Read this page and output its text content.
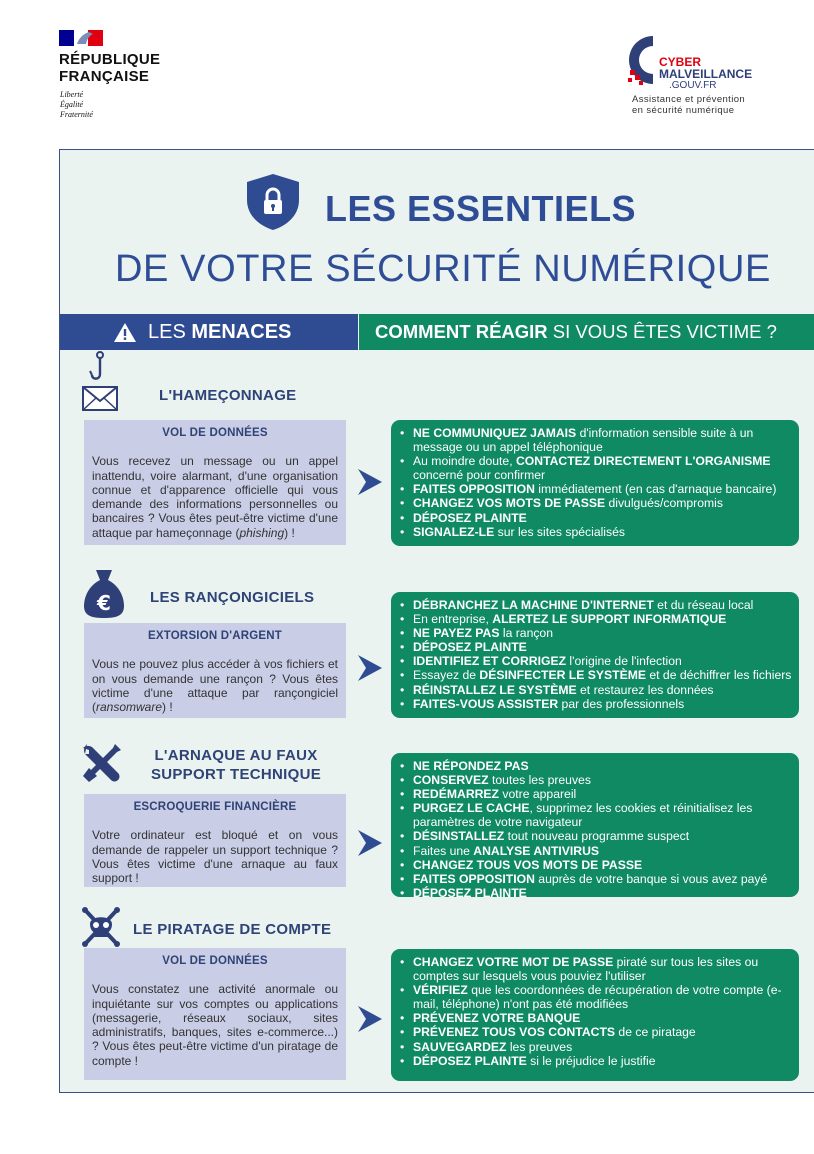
RÉPUBLIQUE
FRANÇAISE
Liberté
Égalité
Fraternité
CYBER
MALVEILLANCE
.GOUV.FR
Assistance et prévention
en sécurité numérique
LES ESSENTIELS
DE VOTRE SÉCURITÉ NUMÉRIQUE
LES MENACES	COMMENT RÉAGIR SI VOUS ÊTES VICTIME ?
L'HAMEÇONNAGE
VOL DE DONNÉES
Vous recevez un message ou un appel inattendu, voire alarmant, d'une organisation connue et d'apparence officielle qui vous demande des informations personnelles ou bancaires ? Vous êtes peut-être victime d'une attaque par hameçonnage (phishing) !
• NE COMMUNIQUEZ JAMAIS d'information sensible suite à un message ou un appel téléphonique
• Au moindre doute, CONTACTEZ DIRECTEMENT L'ORGANISME concerné pour confirmer
• FAITES OPPOSITION immédiatement (en cas d'arnaque bancaire)
• CHANGEZ VOS MOTS DE PASSE divulgués/compromis
• DÉPOSEZ PLAINTE
• SIGNALEZ-LE sur les sites spécialisés
€	LES RANÇONGICIELS
EXTORSION D'ARGENT
Vous ne pouvez plus accéder à vos fichiers et on vous demande une rançon ? Vous êtes victime d'une attaque par rançongiciel (ransomware) !
• DÉBRANCHEZ LA MACHINE D'INTERNET et du réseau local
• En entreprise, ALERTEZ LE SUPPORT INFORMATIQUE
• NE PAYEZ PAS la rançon
• DÉPOSEZ PLAINTE
• IDENTIFIEZ ET CORRIGEZ l'origine de l'infection
• Essayez de DÉSINFECTER LE SYSTÈME et de déchiffrer les fichiers
• RÉINSTALLEZ LE SYSTÈME et restaurez les données
• FAITES-VOUS ASSISTER par des professionnels
L'ARNAQUE AU FAUX
SUPPORT TECHNIQUE
ESCROQUERIE FINANCIÈRE
Votre ordinateur est bloqué et on vous demande de rappeler un support technique ? Vous êtes victime d'une arnaque au faux support !
• NE RÉPONDEZ PAS
• CONSERVEZ toutes les preuves
• REDÉMARREZ votre appareil
• PURGEZ LE CACHE, supprimez les cookies et réinitialisez les paramètres de votre navigateur
• DÉSINSTALLEZ tout nouveau programme suspect
• Faites une ANALYSE ANTIVIRUS
• CHANGEZ TOUS VOS MOTS DE PASSE
• FAITES OPPOSITION auprès de votre banque si vous avez payé
• DÉPOSEZ PLAINTE
LE PIRATAGE DE COMPTE
VOL DE DONNÉES
Vous constatez une activité anormale ou inquiétante sur vos comptes ou applications (messagerie, réseaux sociaux, sites administratifs, banques, sites e-commerce...) ? Vous êtes peut-être victime d'un piratage de compte !
• CHANGEZ VOTRE MOT DE PASSE piraté sur tous les sites ou comptes sur lesquels vous pouviez l'utiliser
• VÉRIFIEZ que les coordonnées de récupération de votre compte (e-mail, téléphone) n'ont pas été modifiées
• PRÉVENEZ VOTRE BANQUE
• PRÉVENEZ TOUS VOS CONTACTS de ce piratage
• SAUVEGARDEZ les preuves
• DÉPOSEZ PLAINTE si le préjudice le justifie
